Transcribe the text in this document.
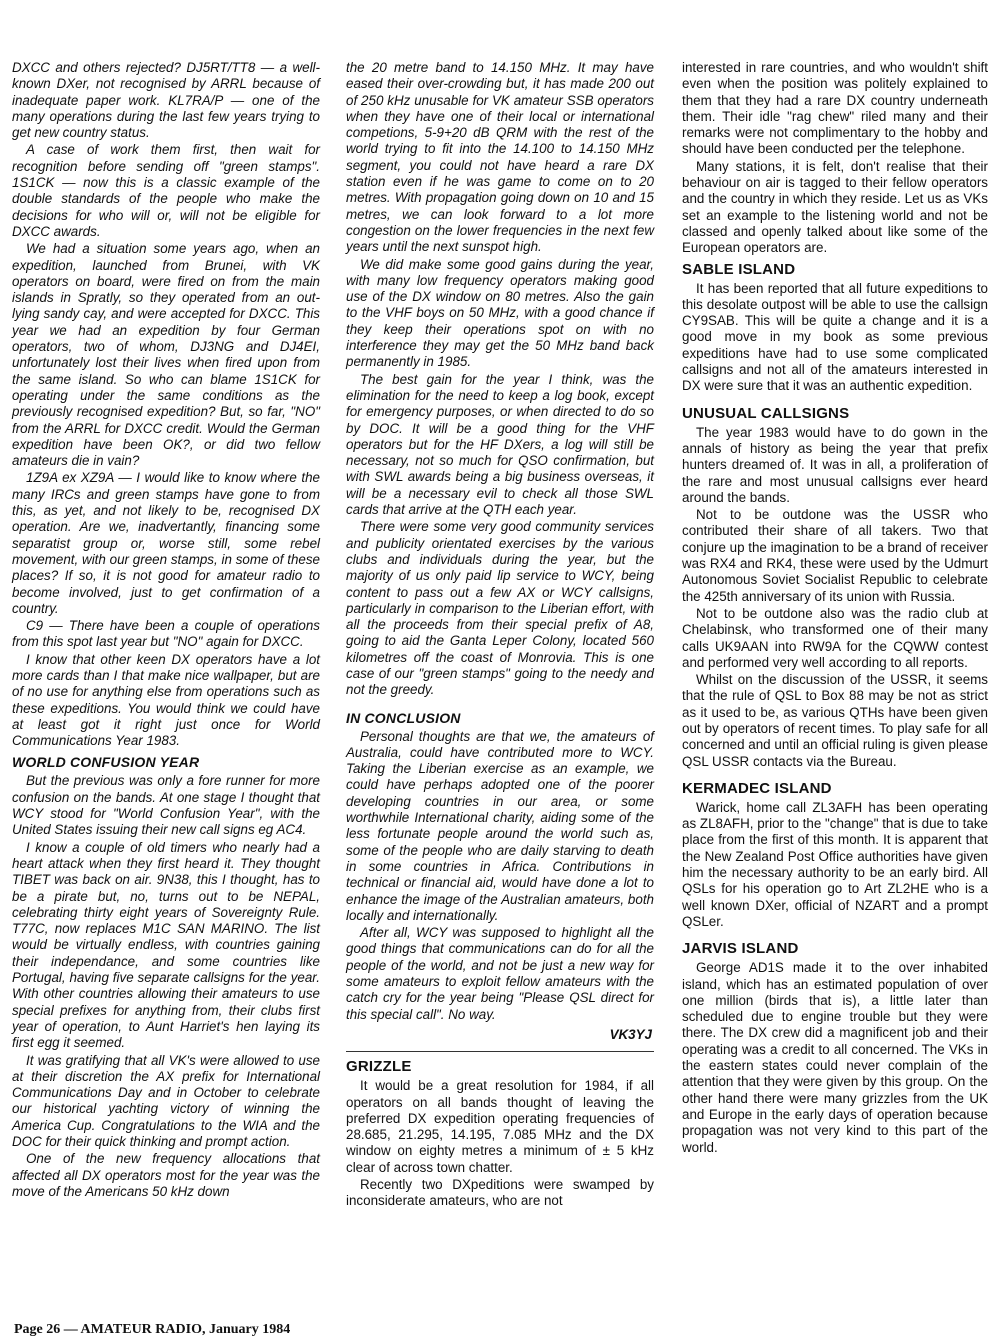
DXCC and others rejected? DJ5RT/TT8 — a well-known DXer, not recognised by ARRL because of inadequate paper work. KL7RA/P — one of the many operations during the last few years trying to get new country status.

A case of work them first, then wait for recognition before sending off "green stamps". 1S1CK — now this is a classic example of the double standards of the people who make the decisions for who will or, will not be eligible for DXCC awards.

We had a situation some years ago, when an expedition, launched from Brunei, with VK operators on board, were fired on from the main islands in Spratly, so they operated from an out-lying sandy cay, and were accepted for DXCC. This year we had an expedition by four German operators, two of whom, DJ3NG and DJ4EI, unfortunately lost their lives when fired upon from the same island. So who can blame 1S1CK for operating under the same conditions as the previously recognised expedition? But, so far, "NO" from the ARRL for DXCC credit. Would the German expedition have been OK?, or did two fellow amateurs die in vain?

1Z9A ex XZ9A — I would like to know where the many IRCs and green stamps have gone to from this, as yet, and not likely to be, recognised DX operation. Are we, inadvertantly, financing some separatist group or, worse still, some rebel movement, with our green stamps, in some of these places? If so, it is not good for amateur radio to become involved, just to get confirmation of a country.

C9 — There have been a couple of operations from this spot last year but "NO" again for DXCC.

I know that other keen DX operators have a lot more cards than I that make nice wallpaper, but are of no use for anything else from operations such as these expeditions. You would think we could have at least got it right just once for World Communications Year 1983.

WORLD CONFUSION YEAR

But the previous was only a fore runner for more confusion on the bands. At one stage I thought that WCY stood for "World Confusion Year", with the United States issuing their new call signs eg AC4.

I know a couple of old timers who nearly had a heart attack when they first heard it. They thought TIBET was back on air. 9N38, this I thought, has to be a pirate but, no, turns out to be NEPAL, celebrating thirty eight years of Sovereignty Rule. T77C, now replaces M1C SAN MARINO. The list would be virtually endless, with countries gaining their independance, and some countries like Portugal, having five separate callsigns for the year. With other countries allowing their amateurs to use special prefixes for anything from, their clubs first year of operation, to Aunt Harriet's hen laying its first egg it seemed.

It was gratifying that all VK's were allowed to use at their discretion the AX prefix for International Communications Day and in October to celebrate our historical yachting victory of winning the America Cup. Congratulations to the WIA and the DOC for their quick thinking and prompt action.

One of the new frequency allocations that affected all DX operators most for the year was the move of the Americans 50 kHz down

the 20 metre band to 14.150 MHz. It may have eased their over-crowding but, it has made 200 out of 250 kHz unusable for VK amateur SSB operators when they have one of their local or international competions, 5-9+20 dB QRM with the rest of the world trying to fit into the 14.100 to 14.150 MHz segment, you could not have heard a rare DX station even if he was game to come on to 20 metres. With propagation going down on 10 and 15 metres, we can look forward to a lot more congestion on the lower frequencies in the next few years until the next sunspot high.

We did make some good gains during the year, with many low frequency operators making good use of the DX window on 80 metres. Also the gain to the VHF boys on 50 MHz, with a good chance if they keep their operations spot on with no interference they may get the 50 MHz band back permanently in 1985.

The best gain for the year I think, was the elimination for the need to keep a log book, except for emergency purposes, or when directed to do so by DOC. It will be a good thing for the VHF operators but for the HF DXers, a log will still be necessary, not so much for QSO confirmation, but with SWL awards being a big business overseas, it will be a necessary evil to check all those SWL cards that arrive at the QTH each year.

There were some very good community services and publicity orientated exercises by the various clubs and individuals during the year, but the majority of us only paid lip service to WCY, being content to pass out a few AX or WCY callsigns, particularly in comparison to the Liberian effort, with all the proceeds from their special prefix of A8, going to aid the Ganta Leper Colony, located 560 kilometres off the coast of Monrovia. This is one case of our "green stamps" going to the needy and not the greedy.

IN CONCLUSION

Personal thoughts are that we, the amateurs of Australia, could have contributed more to WCY. Taking the Liberian exercise as an example, we could have perhaps adopted one of the poorer developing countries in our area, or some worthwhile International charity, aiding some of the less fortunate people around the world such as, some of the people who are daily starving to death in some countries in Africa. Contributions in technical or financial aid, would have done a lot to enhance the image of the Australian amateurs, both locally and internationally.

After all, WCY was supposed to highlight all the good things that communications can do for all the people of the world, and not be just a new way for some amateurs to exploit fellow amateurs with the catch cry for the year being "Please QSL direct for this special call". No way.

VK3YJ
GRIZZLE

It would be a great resolution for 1984, if all operators on all bands thought of leaving the preferred DX expedition operating frequencies of 28.685, 21.295, 14.195, 7.085 MHz and the DX window on eighty metres a minimum of ± 5 kHz clear of across town chatter.

Recently two DXpeditions were swamped by inconsiderate amateurs, who are not

interested in rare countries, and who wouldn't shift even when the position was politely explained to them that they had a rare DX country underneath them. Their idle "rag chew" riled many and their remarks were not complimentary to the hobby and should have been conducted per the telephone.

Many stations, it is felt, don't realise that their behaviour on air is tagged to their fellow operators and the country in which they reside. Let us as VKs set an example to the listening world and not be classed and openly talked about like some of the European operators are.

SABLE ISLAND

It has been reported that all future expeditions to this desolate outpost will be able to use the callsign CY9SAB. This will be quite a change and it is a good move in my book as some previous expeditions have had to use some complicated callsigns and not all of the amateurs interested in DX were sure that it was an authentic expedition.

UNUSUAL CALLSIGNS

The year 1983 would have to do gown in the annals of history as being the year that prefix hunters dreamed of. It was in all, a proliferation of the rare and most unusual callsigns ever heard around the bands.

Not to be outdone was the USSR who contributed their share of all takers. Two that conjure up the imagination to be a brand of receiver was RX4 and RK4, these were used by the Udmurt Autonomous Soviet Socialist Republic to celebrate the 425th anniversary of its union with Russia.

Not to be outdone also was the radio club at Chelabinsk, who transformed one of their many calls UK9AAN into RW9A for the CQWW contest and performed very well according to all reports.

Whilst on the discussion of the USSR, it seems that the rule of QSL to Box 88 may be not as strict as it used to be, as various QTHs have been given out by operators of recent times. To play safe for all concerned and until an official ruling is given please QSL USSR contacts via the Bureau.

KERMADEC ISLAND

Warick, home call ZL3AFH has been operating as ZL8AFH, prior to the "change" that is due to take place from the first of this month. It is apparent that the New Zealand Post Office authorities have given him the necessary authority to be an early bird. All QSLs for his operation go to Art ZL2HE who is a well known DXer, official of NZART and a prompt QSLer.

JARVIS ISLAND

George AD1S made it to the over inhabited island, which has an estimated population of over one million (birds that is), a little later than scheduled due to engine trouble but they were there. The DX crew did a magnificent job and their operating was a credit to all concerned. The VKs in the eastern states could never complain of the attention that they were given by this group. On the other hand there were many grizzles from the UK and Europe in the early days of operation because propagation was not very kind to this part of the world.

Page 26 — AMATEUR RADIO, January 1984
